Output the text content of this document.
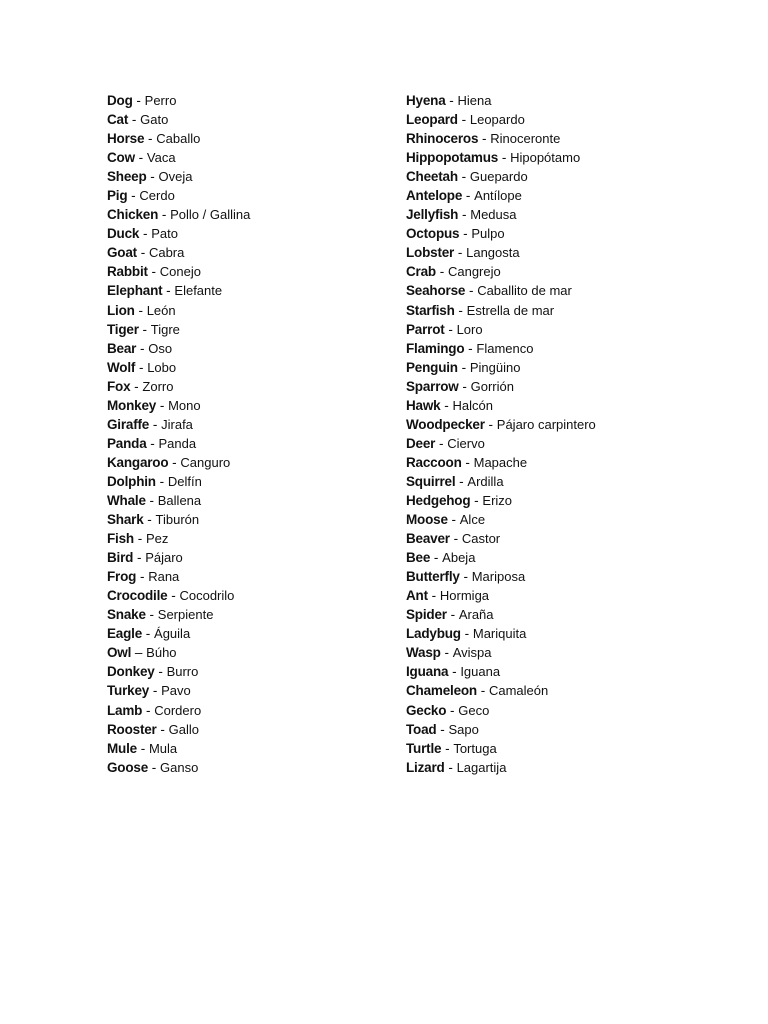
Dog - Perro
Cat - Gato
Horse - Caballo
Cow - Vaca
Sheep - Oveja
Pig - Cerdo
Chicken - Pollo / Gallina
Duck - Pato
Goat - Cabra
Rabbit - Conejo
Elephant - Elefante
Lion - León
Tiger - Tigre
Bear - Oso
Wolf - Lobo
Fox - Zorro
Monkey - Mono
Giraffe - Jirafa
Panda - Panda
Kangaroo - Canguro
Dolphin - Delfín
Whale - Ballena
Shark - Tiburón
Fish - Pez
Bird - Pájaro
Frog - Rana
Crocodile - Cocodrilo
Snake - Serpiente
Eagle - Águila
Owl – Búho
Donkey - Burro
Turkey - Pavo
Lamb - Cordero
Rooster - Gallo
Mule - Mula
Goose - Ganso
Hyena - Hiena
Leopard - Leopardo
Rhinoceros - Rinoceronte
Hippopotamus - Hipopótamo
Cheetah - Guepardo
Antelope - Antílope
Jellyfish - Medusa
Octopus - Pulpo
Lobster - Langosta
Crab - Cangrejo
Seahorse - Caballito de mar
Starfish - Estrella de mar
Parrot - Loro
Flamingo - Flamenco
Penguin - Pingüino
Sparrow - Gorrión
Hawk - Halcón
Woodpecker - Pájaro carpintero
Deer - Ciervo
Raccoon - Mapache
Squirrel - Ardilla
Hedgehog - Erizo
Moose - Alce
Beaver - Castor
Bee - Abeja
Butterfly - Mariposa
Ant - Hormiga
Spider - Araña
Ladybug - Mariquita
Wasp - Avispa
Iguana - Iguana
Chameleon - Camaleón
Gecko - Geco
Toad - Sapo
Turtle - Tortuga
Lizard - Lagartija
